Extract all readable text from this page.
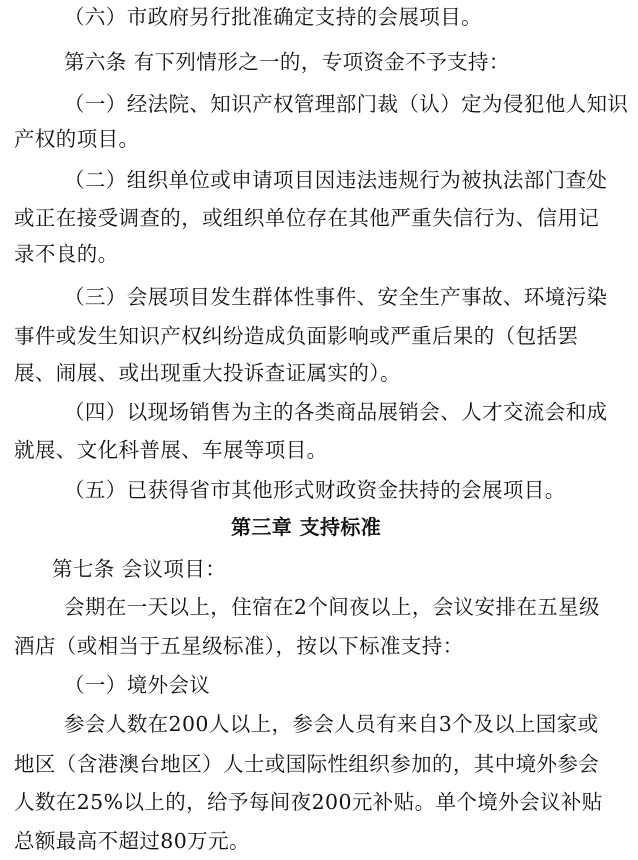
（六）市政府另行批准确定支持的会展项目。
第六条 有下列情形之一的，专项资金不予支持：
（一）经法院、知识产权管理部门裁（认）定为侵犯他人知识
产权的项目。
（二）组织单位或申请项目因违法违规行为被执法部门查处
或正在接受调查的，或组织单位存在其他严重失信行为、信用记
录不良的。
（三）会展项目发生群体性事件、安全生产事故、环境污染
事件或发生知识产权纠纷造成负面影响或严重后果的（包括罢
展、闹展、或出现重大投诉查证属实的）。
（四）以现场销售为主的各类商品展销会、人才交流会和成
就展、文化科普展、车展等项目。
（五）已获得省市其他形式财政资金扶持的会展项目。
第三章 支持标准
第七条 会议项目：
会期在一天以上，住宿在2个间夜以上，会议安排在五星级
酒店（或相当于五星级标准），按以下标准支持：
（一）境外会议
参会人数在200人以上，参会人员有来自3个及以上国家或
地区（含港澳台地区）人士或国际性组织参加的，其中境外参会
人数在25%以上的，给予每间夜200元补贴。单个境外会议补贴
总额最高不超过80万元。
